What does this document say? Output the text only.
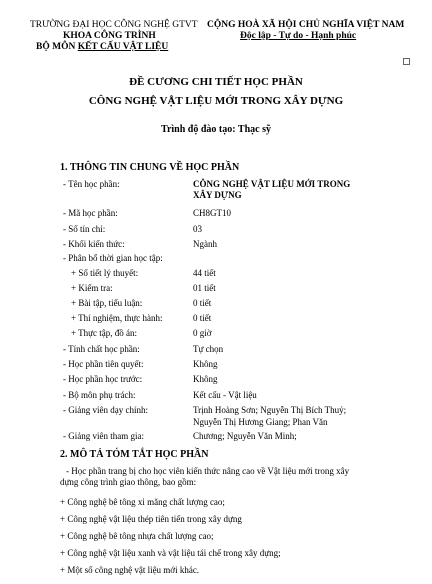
TRƯỜNG ĐẠI HỌC CÔNG NGHỆ GTVT
KHOA CÔNG TRÌNH
BỘ MÔN KẾT CẤU VẬT LIỆU
CỘNG HOÀ XÃ HỘI CHỦ NGHĨA VIỆT NAM
Độc lập - Tự do - Hạnh phúc
ĐỀ CƯƠNG CHI TIẾT HỌC PHẦN
CÔNG NGHỆ VẬT LIỆU MỚI TRONG XÂY DỰNG
Trình độ đào tạo: Thạc sỹ
1. THÔNG TIN CHUNG VỀ HỌC PHẦN
- Tên học phần:	CÔNG NGHỆ VẬT LIỆU MỚI TRONG
XÂY DỰNG
- Mã học phần:	CH8GT10
- Số tín chỉ:	03
- Khối kiến thức:	Ngành
- Phân bổ thời gian học tập:
+ Số tiết lý thuyết:	44 tiết
+ Kiểm tra:	01 tiết
+ Bài tập, tiểu luận:	0 tiết
+ Thí nghiệm, thực hành:	0 tiết
+ Thực tập, đồ án:	0 giờ
- Tính chất học phần:	Tự chọn
- Học phần tiên quyết:	Không
- Học phần học trước:	Không
- Bộ môn phụ trách:	Kết cấu - Vật liệu
- Giảng viên dạy chính:	Trịnh Hoàng Sơn; Nguyễn Thị Bích Thuỷ;
Nguyễn Thị Hương Giang; Phan Văn
- Giảng viên tham gia:	Chương; Nguyễn Văn Minh;
2. MÔ TẢ TÓM TẮT HỌC PHẦN
- Học phần trang bị cho học viên kiến thức nâng cao về Vật liệu mới trong xây
dựng công trình giao thông, bao gồm:
+ Công nghệ bê tông xi măng chất lượng cao;
+ Công nghệ vật liệu thép tiên tiến trong xây dựng
+ Công nghệ bê tông nhựa chất lượng cao;
+ Công nghệ vật liệu xanh và vật liệu tái chế trong xây dựng;
+ Một số công nghệ vật liệu mới khác.
